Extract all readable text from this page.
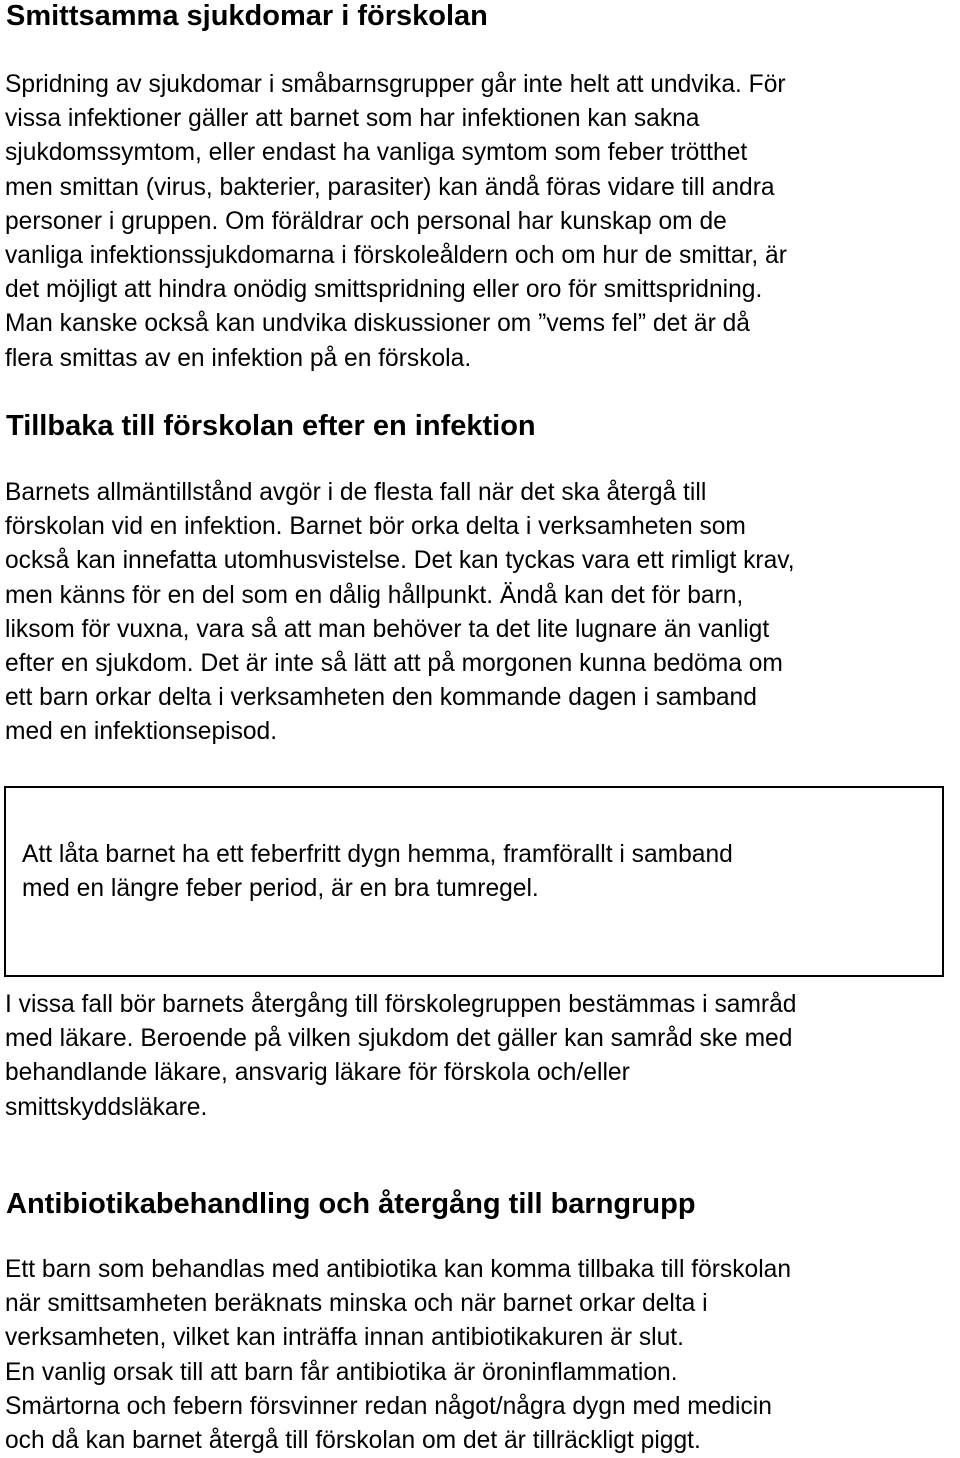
Smittsamma sjukdomar i förskolan

Spridning av sjukdomar i småbarnsgrupper går inte helt att undvika. För
vissa infektioner gäller att barnet som har infektionen kan sakna
sjukdomssymtom, eller endast ha vanliga symtom som feber trötthet
men smittan (virus, bakterier, parasiter) kan ändå föras vidare till andra
personer i gruppen. Om föräldrar och personal har kunskap om de
vanliga infektionssjukdomarna i förskoleåldern och om hur de smittar, är
det möjligt att hindra onödig smittspridning eller oro för smittspridning.
Man kanske också kan undvika diskussioner om ”vems fel” det är då
flera smittas av en infektion på en förskola.

Tillbaka till förskolan efter en infektion

Barnets allmäntillstånd avgör i de flesta fall när det ska återgå till
förskolan vid en infektion. Barnet bör orka delta i verksamheten som
också kan innefatta utomhusvistelse. Det kan tyckas vara ett rimligt krav,
men känns för en del som en dålig hållpunkt. Ändå kan det för barn,
liksom för vuxna, vara så att man behöver ta det lite lugnare än vanligt
efter en sjukdom. Det är inte så lätt att på morgonen kunna bedöma om
ett barn orkar delta i verksamheten den kommande dagen i samband
med en infektionsepisod.

Att låta barnet ha ett feberfritt dygn hemma, framförallt i samband
med en längre feber period, är en bra tumregel.

I vissa fall bör barnets återgång till förskolegruppen bestämmas i samråd
med läkare. Beroende på vilken sjukdom det gäller kan samråd ske med
behandlande läkare, ansvarig läkare för förskola och/eller
smittskyddsläkare.

Antibiotikabehandling och återgång till barngrupp

Ett barn som behandlas med antibiotika kan komma tillbaka till förskolan
när smittsamheten beräknats minska och när barnet orkar delta i
verksamheten, vilket kan inträffa innan antibiotikakuren är slut.
En vanlig orsak till att barn får antibiotika är öroninflammation.
Smärtorna och febern försvinner redan något/några dygn med medicin
och då kan barnet återgå till förskolan om det är tillräckligt piggt.
